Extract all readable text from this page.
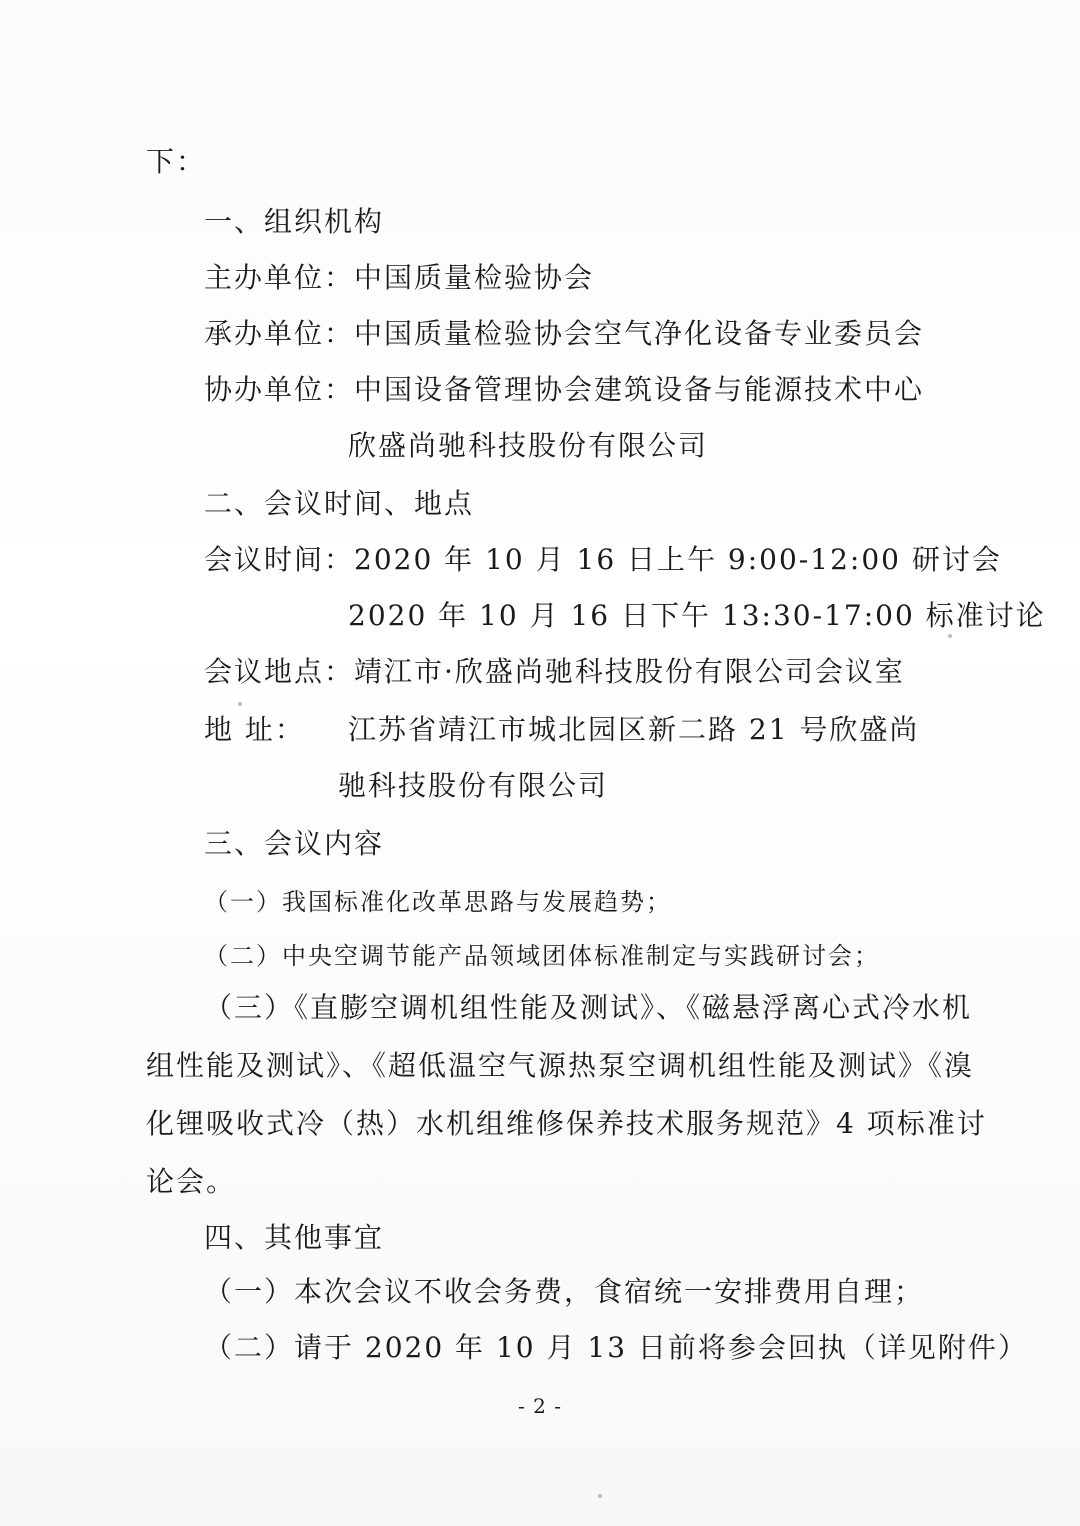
下：
一、组织机构
主办单位：中国质量检验协会
承办单位：中国质量检验协会空气净化设备专业委员会
协办单位：中国设备管理协会建筑设备与能源技术中心
欣盛尚驰科技股份有限公司
二、会议时间、地点
会议时间：2020 年 10 月 16 日上午 9:00-12:00 研讨会
2020 年 10 月 16 日下午 13:30-17:00 标准讨论
会议地点：靖江市·欣盛尚驰科技股份有限公司会议室
地 址： 江苏省靖江市城北园区新二路 21 号欣盛尚
驰科技股份有限公司
三、会议内容
（一）我国标准化改革思路与发展趋势；
（二）中央空调节能产品领域团体标准制定与实践研讨会；
（三）《直膨空调机组性能及测试》、《磁悬浮离心式冷水机
组性能及测试》、《超低温空气源热泵空调机组性能及测试》《溴
化锂吸收式冷（热）水机组维修保养技术服务规范》4 项标准讨
论会。
四、其他事宜
（一）本次会议不收会务费，食宿统一安排费用自理；
（二）请于 2020 年 10 月 13 日前将参会回执（详见附件）
- 2 -
